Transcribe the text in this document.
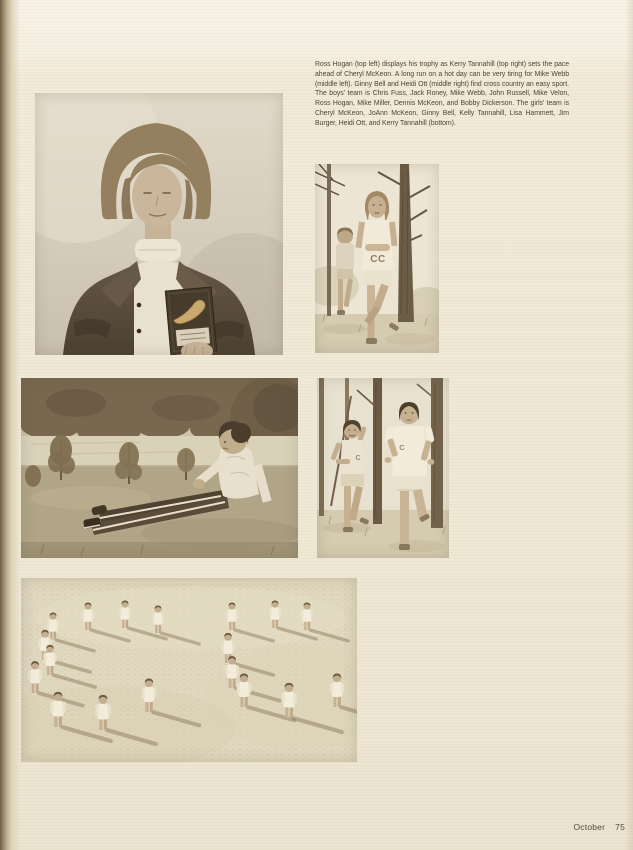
Ross Hogan (top left) displays his trophy as Kerry Tannahill (top right) sets the pace ahead of Cheryl McKeon. A long run on a hot day can be very tiring for Mike Webb (middle left). Ginny Bell and Heidi Ott (middle right) find cross country an easy sport. The boys' team is Chris Fuss, Jack Roney, Mike Webb, John Russell, Mike Velon, Ross Hogan, Mike Miller, Dennis McKeon, and Bobby Dickerson. The girls' team is Cheryl McKeon, JoAnn McKeon, Ginny Bell, Kelly Tannahill, Lisa Hammett, Jim Burger, Heidi Ott, and Kerry Tannahill (bottom).

CC
C
C
October 75
